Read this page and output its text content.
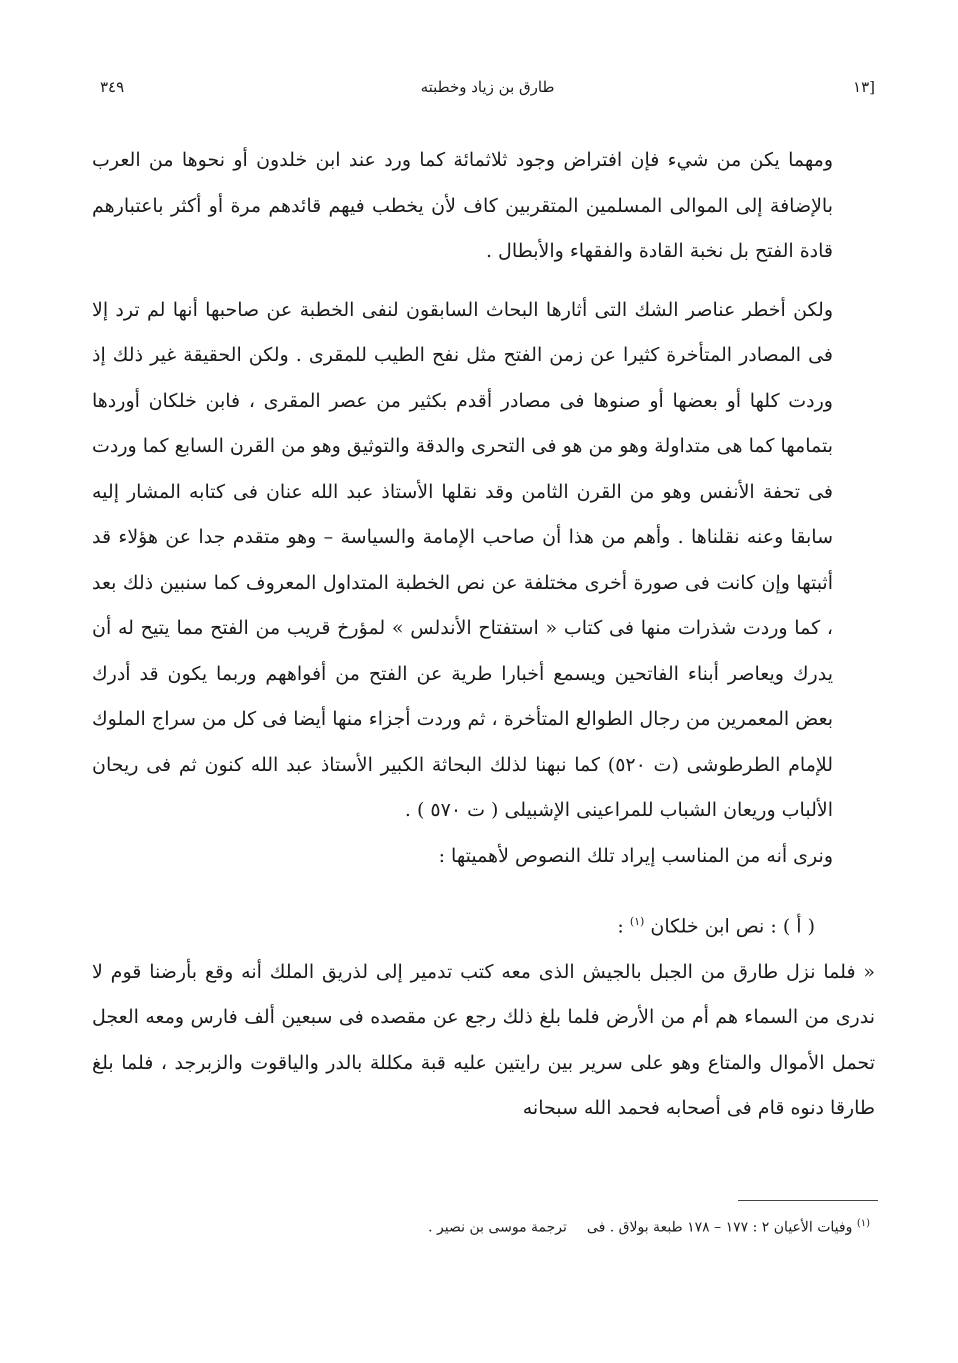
[١٣
طارق بن زياد وخطبته
٣٤٩

ومهما يكن من شيء فإن افتراض وجود ثلاثمائة كما ورد عند ابن خلدون أو نحوها من العرب بالإضافة إلى الموالى المسلمين المتقربين كاف لأن يخطب فيهم قائدهم مرة أو أكثر باعتبارهم قادة الفتح بل نخبة القادة والفقهاء والأبطال .

ولكن أخطر عناصر الشك التى أثارها البحاث السابقون لنفى الخطبة عن صاحبها أنها لم ترد إلا فى المصادر المتأخرة كثيرا عن زمن الفتح مثل نفح الطيب للمقرى . ولكن الحقيقة غير ذلك إذ وردت كلها أو بعضها أو صنوها فى مصادر أقدم بكثير من عصر المقرى ، فابن خلكان أوردها بتمامها كما هى متداولة وهو من هو فى التحرى والدقة والتوثيق وهو من القرن السابع كما وردت فى تحفة الأنفس وهو من القرن الثامن وقد نقلها الأستاذ عبد الله عنان فى كتابه المشار إليه سابقا وعنه نقلناها . وأهم من هذا أن صاحب الإمامة والسياسة – وهو متقدم جدا عن هؤلاء قد أثبتها وإن كانت فى صورة أخرى مختلفة عن نص الخطبة المتداول المعروف كما سنبين ذلك بعد ، كما وردت شذرات منها فى كتاب « استفتاح الأندلس » لمؤرخ قريب من الفتح مما يتيح له أن يدرك ويعاصر أبناء الفاتحين ويسمع أخبارا طرية عن الفتح من أفواههم وربما يكون قد أدرك بعض المعمرين من رجال الطوالع المتأخرة ، ثم وردت أجزاء منها أيضا فى كل من سراج الملوك للإمام الطرطوشى (ت ٥٢٠) كما نبهنا لذلك البحاثة الكبير الأستاذ عبد الله كنون ثم فى ريحان الألباب وريعان الشباب للمراعينى الإشبيلى ( ت ٥٧٠ ) .

ونرى أنه من المناسب إيراد تلك النصوص لأهميتها :

( أ ) : نص ابن خلكان $^{(١)}$ :

« فلما نزل طارق من الجبل بالجيش الذى معه كتب تدمير إلى لذريق الملك أنه وقع بأرضنا قوم لا ندرى من السماء هم أم من الأرض فلما بلغ ذلك رجع عن مقصده فى سبعين ألف فارس ومعه العجل تحمل الأموال والمتاع وهو على سرير بين رايتين عليه قبة مكللة بالدر والياقوت والزبرجد ، فلما بلغ طارقا دنوه قام فى أصحابه فحمد الله سبحانه

$^{(١)}$ وفيات الأعيان ٢ : ١٧٧ – ١٧٨ طبعة بولاق . فىترجمة موسى بن نصير .
